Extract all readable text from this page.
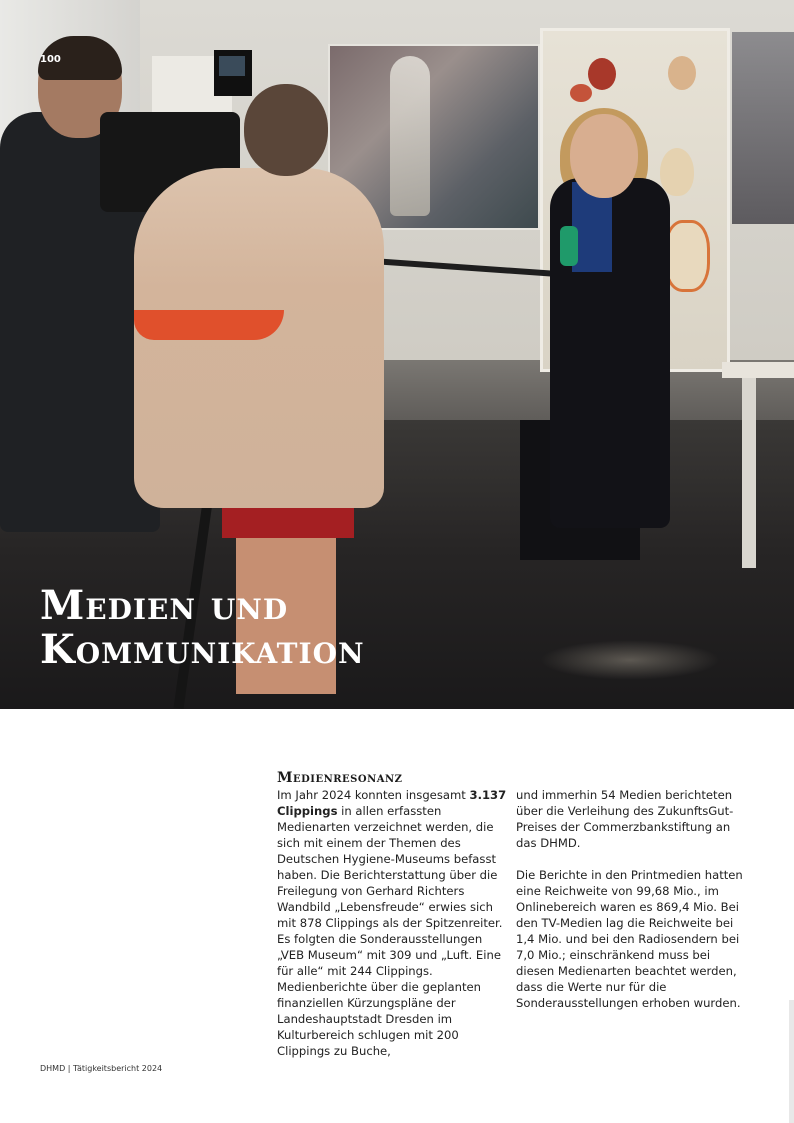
100
Medien und
Kommunikation
Medienresonanz

Im Jahr 2024 konnten insgesamt 3.137 Clippings in allen erfassten Medienarten verzeichnet werden, die sich mit einem der Themen des Deutschen Hygiene-Museums befasst haben. Die Berichterstattung über die Freilegung von Gerhard Richters Wandbild „Lebensfreude“ erwies sich mit 878 Clippings als der Spitzenreiter. Es folgten die Sonderausstellungen „VEB Museum“ mit 309 und „Luft. Eine für alle“ mit 244 Clippings. Medienberichte über die geplanten finanziellen Kürzungspläne der Landeshauptstadt Dresden im Kulturbereich schlugen mit 200 Clippings zu Buche,

und immerhin 54 Medien berichteten über die Verleihung des ZukunftsGut-Preises der Commerzbankstiftung an das DHMD.

Die Berichte in den Printmedien hatten eine Reichweite von 99,68 Mio., im Onlinebereich waren es 869,4 Mio. Bei den TV-Medien lag die Reichweite bei 1,4 Mio. und bei den Radiosendern bei 7,0 Mio.; einschränkend muss bei diesen Medienarten beachtet werden, dass die Werte nur für die Sonderausstellungen erhoben wurden.

DHMD | Tätigkeitsbericht 2024
